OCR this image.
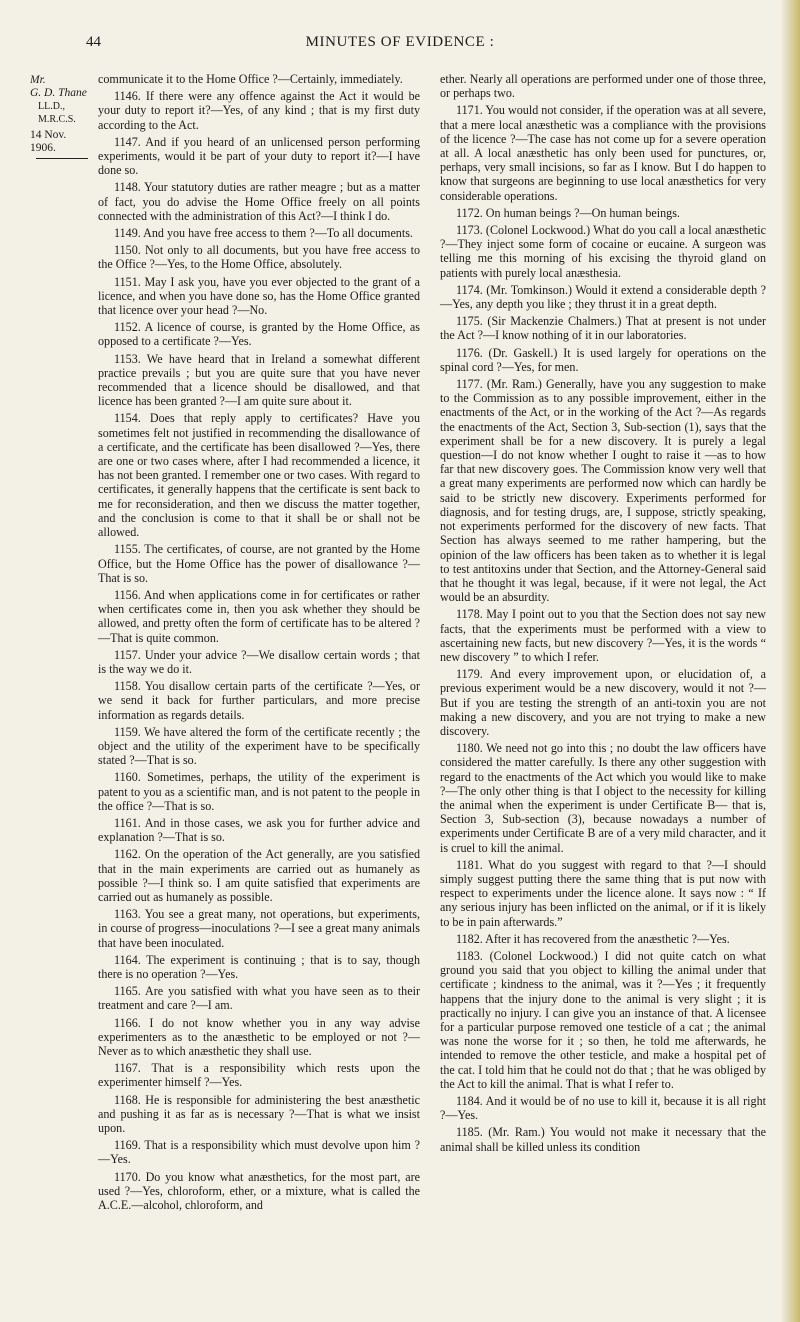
44	MINUTES OF EVIDENCE :
Mr.
G. D. Thane

LL.D.,
M.R.C.S.
14 Nov. 1906.

communicate it to the Home Office ?—Certainly, immediately.

1146. If there were any offence against the Act it would be your duty to report it?—Yes, of any kind ; that is my first duty according to the Act.

1147. And if you heard of an unlicensed person performing experiments, would it be part of your duty to report it?—I have done so.

1148. Your statutory duties are rather meagre ; but as a matter of fact, you do advise the Home Office freely on all points connected with the administration of this Act?—I think I do.

1149. And you have free access to them ?—To all documents.

1150. Not only to all documents, but you have free access to the Office ?—Yes, to the Home Office, absolutely.

1151. May I ask you, have you ever objected to the grant of a licence, and when you have done so, has the Home Office granted that licence over your head ?—No.

1152. A licence of course, is granted by the Home Office, as opposed to a certificate ?—Yes.

1153. We have heard that in Ireland a somewhat different practice prevails ; but you are quite sure that you have never recommended that a licence should be disallowed, and that licence has been granted ?—I am quite sure about it.

1154. Does that reply apply to certificates? Have you sometimes felt not justified in recommending the disallowance of a certificate, and the certificate has been disallowed ?—Yes, there are one or two cases where, after I had recommended a licence, it has not been granted. I remember one or two cases. With regard to certificates, it generally happens that the certificate is sent back to me for reconsideration, and then we discuss the matter together, and the conclusion is come to that it shall be or shall not be allowed.

1155. The certificates, of course, are not granted by the Home Office, but the Home Office has the power of disallowance ?—That is so.

1156. And when applications come in for certificates or rather when certificates come in, then you ask whether they should be allowed, and pretty often the form of certificate has to be altered ?—That is quite common.

1157. Under your advice ?—We disallow certain words ; that is the way we do it.

1158. You disallow certain parts of the certificate ?—Yes, or we send it back for further particulars, and more precise information as regards details.

1159. We have altered the form of the certificate recently ; the object and the utility of the experiment have to be specifically stated ?—That is so.

1160. Sometimes, perhaps, the utility of the experiment is patent to you as a scientific man, and is not patent to the people in the office ?—That is so.

1161. And in those cases, we ask you for further advice and explanation ?—That is so.

1162. On the operation of the Act generally, are you satisfied that in the main experiments are carried out as humanely as possible ?—I think so. I am quite satisfied that experiments are carried out as humanely as possible.

1163. You see a great many, not operations, but experiments, in course of progress—inoculations ?—I see a great many animals that have been inoculated.

1164. The experiment is continuing ; that is to say, though there is no operation ?—Yes.

1165. Are you satisfied with what you have seen as to their treatment and care ?—I am.

1166. I do not know whether you in any way advise experimenters as to the anæsthetic to be employed or not ?—Never as to which anæsthetic they shall use.

1167. That is a responsibility which rests upon the experimenter himself ?—Yes.

1168. He is responsible for administering the best anæsthetic and pushing it as far as is necessary ?—That is what we insist upon.

1169. That is a responsibility which must devolve upon him ?—Yes.

1170. Do you know what anæsthetics, for the most part, are used ?—Yes, chloroform, ether, or a mixture, what is called the A.C.E.—alcohol, chloroform, and

ether. Nearly all operations are performed under one of those three, or perhaps two.

1171. You would not consider, if the operation was at all severe, that a mere local anæsthetic was a compliance with the provisions of the licence ?—The case has not come up for a severe operation at all. A local anæsthetic has only been used for punctures, or, perhaps, very small incisions, so far as I know. But I do happen to know that surgeons are beginning to use local anæsthetics for very considerable operations.

1172. On human beings ?—On human beings.

1173. (Colonel Lockwood.) What do you call a local anæsthetic ?—They inject some form of cocaine or eucaine. A surgeon was telling me this morning of his excising the thyroid gland on patients with purely local anæsthesia.

1174. (Mr. Tomkinson.) Would it extend a considerable depth ?—Yes, any depth you like ; they thrust it in a great depth.

1175. (Sir Mackenzie Chalmers.) That at present is not under the Act ?—I know nothing of it in our laboratories.

1176. (Dr. Gaskell.) It is used largely for operations on the spinal cord ?—Yes, for men.

1177. (Mr. Ram.) Generally, have you any suggestion to make to the Commission as to any possible improvement, either in the enactments of the Act, or in the working of the Act ?—As regards the enactments of the Act, Section 3, Sub-section (1), says that the experiment shall be for a new discovery. It is purely a legal question—I do not know whether I ought to raise it —as to how far that new discovery goes. The Commission know very well that a great many experiments are performed now which can hardly be said to be strictly new discovery. Experiments performed for diagnosis, and for testing drugs, are, I suppose, strictly speaking, not experiments performed for the discovery of new facts. That Section has always seemed to me rather hampering, but the opinion of the law officers has been taken as to whether it is legal to test antitoxins under that Section, and the Attorney-General said that he thought it was legal, because, if it were not legal, the Act would be an absurdity.

1178. May I point out to you that the Section does not say new facts, that the experiments must be performed with a view to ascertaining new facts, but new discovery ?—Yes, it is the words “ new discovery ” to which I refer.

1179. And every improvement upon, or elucidation of, a previous experiment would be a new discovery, would it not ?—But if you are testing the strength of an anti-toxin you are not making a new discovery, and you are not trying to make a new discovery.

1180. We need not go into this ; no doubt the law officers have considered the matter carefully. Is there any other suggestion with regard to the enactments of the Act which you would like to make ?—The only other thing is that I object to the necessity for killing the animal when the experiment is under Certificate B— that is, Section 3, Sub-section (3), because nowadays a number of experiments under Certificate B are of a very mild character, and it is cruel to kill the animal.

1181. What do you suggest with regard to that ?—I should simply suggest putting there the same thing that is put now with respect to experiments under the licence alone. It says now : “ If any serious injury has been inflicted on the animal, or if it is likely to be in pain afterwards.”

1182. After it has recovered from the anæsthetic ?—Yes.

1183. (Colonel Lockwood.) I did not quite catch on what ground you said that you object to killing the animal under that certificate ; kindness to the animal, was it ?—Yes ; it frequently happens that the injury done to the animal is very slight ; it is practically no injury. I can give you an instance of that. A licensee for a particular purpose removed one testicle of a cat ; the animal was none the worse for it ; so then, he told me afterwards, he intended to remove the other testicle, and make a hospital pet of the cat. I told him that he could not do that ; that he was obliged by the Act to kill the animal. That is what I refer to.

1184. And it would be of no use to kill it, because it is all right ?—Yes.

1185. (Mr. Ram.) You would not make it necessary that the animal shall be killed unless its condition
